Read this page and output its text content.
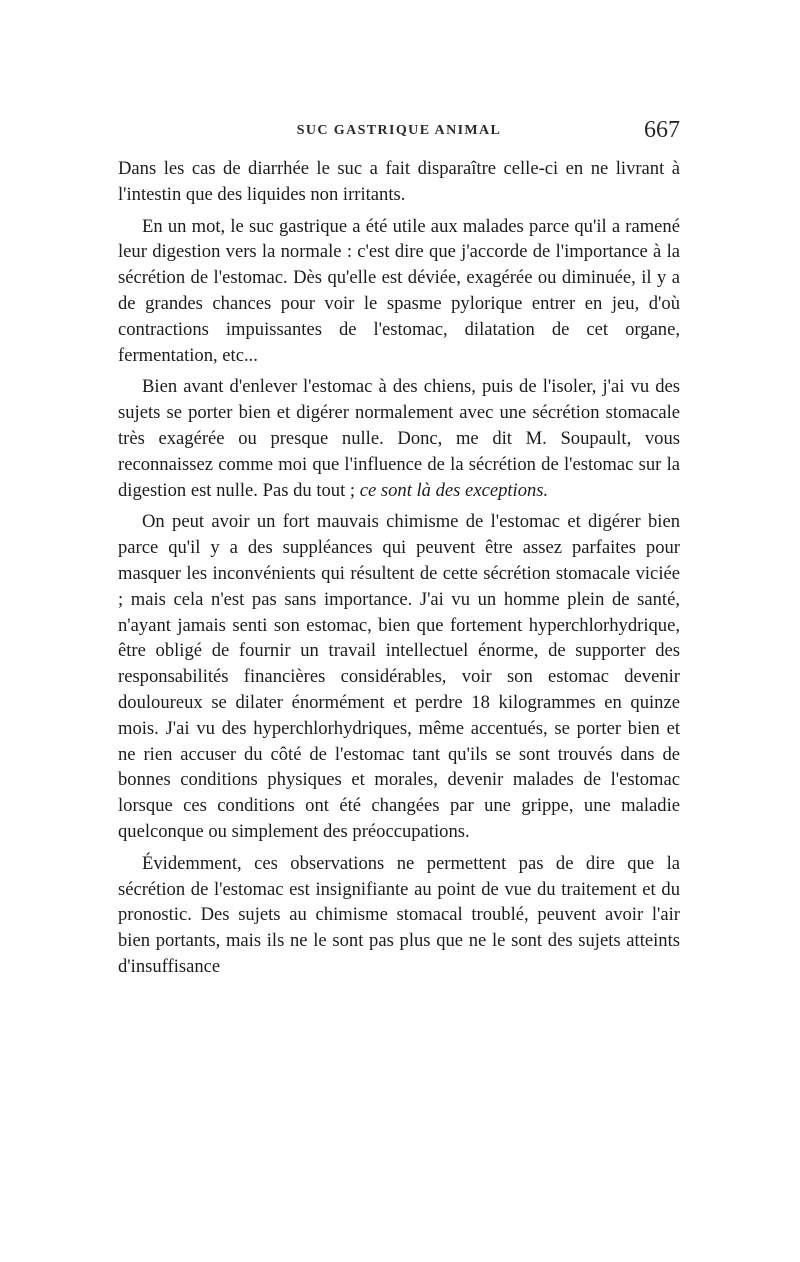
SUC GASTRIQUE ANIMAL	667

Dans les cas de diarrhée le suc a fait disparaître celle-ci en ne livrant à l'intestin que des liquides non irritants.

En un mot, le suc gastrique a été utile aux malades parce qu'il a ramené leur digestion vers la normale : c'est dire que j'accorde de l'importance à la sécrétion de l'estomac. Dès qu'elle est déviée, exagérée ou diminuée, il y a de grandes chances pour voir le spasme pylorique entrer en jeu, d'où contractions impuissantes de l'estomac, dilatation de cet organe, fermentation, etc...

Bien avant d'enlever l'estomac à des chiens, puis de l'isoler, j'ai vu des sujets se porter bien et digérer normalement avec une sécrétion stomacale très exagérée ou presque nulle. Donc, me dit M. Soupault, vous reconnaissez comme moi que l'influence de la sécrétion de l'estomac sur la digestion est nulle. Pas du tout ; ce sont là des exceptions.

On peut avoir un fort mauvais chimisme de l'estomac et digérer bien parce qu'il y a des suppléances qui peuvent être assez parfaites pour masquer les inconvénients qui résultent de cette sécrétion stomacale viciée ; mais cela n'est pas sans importance. J'ai vu un homme plein de santé, n'ayant jamais senti son estomac, bien que fortement hyperchlorhydrique, être obligé de fournir un travail intellectuel énorme, de supporter des responsabilités financières considérables, voir son estomac devenir douloureux se dilater énormément et perdre 18 kilogrammes en quinze mois. J'ai vu des hyperchlorhydriques, même accentués, se porter bien et ne rien accuser du côté de l'estomac tant qu'ils se sont trouvés dans de bonnes conditions physiques et morales, devenir malades de l'estomac lorsque ces conditions ont été changées par une grippe, une maladie quelconque ou simplement des préoccupations.

Évidemment, ces observations ne permettent pas de dire que la sécrétion de l'estomac est insignifiante au point de vue du traitement et du pronostic. Des sujets au chimisme stomacal troublé, peuvent avoir l'air bien portants, mais ils ne le sont pas plus que ne le sont des sujets atteints d'insuffisance
